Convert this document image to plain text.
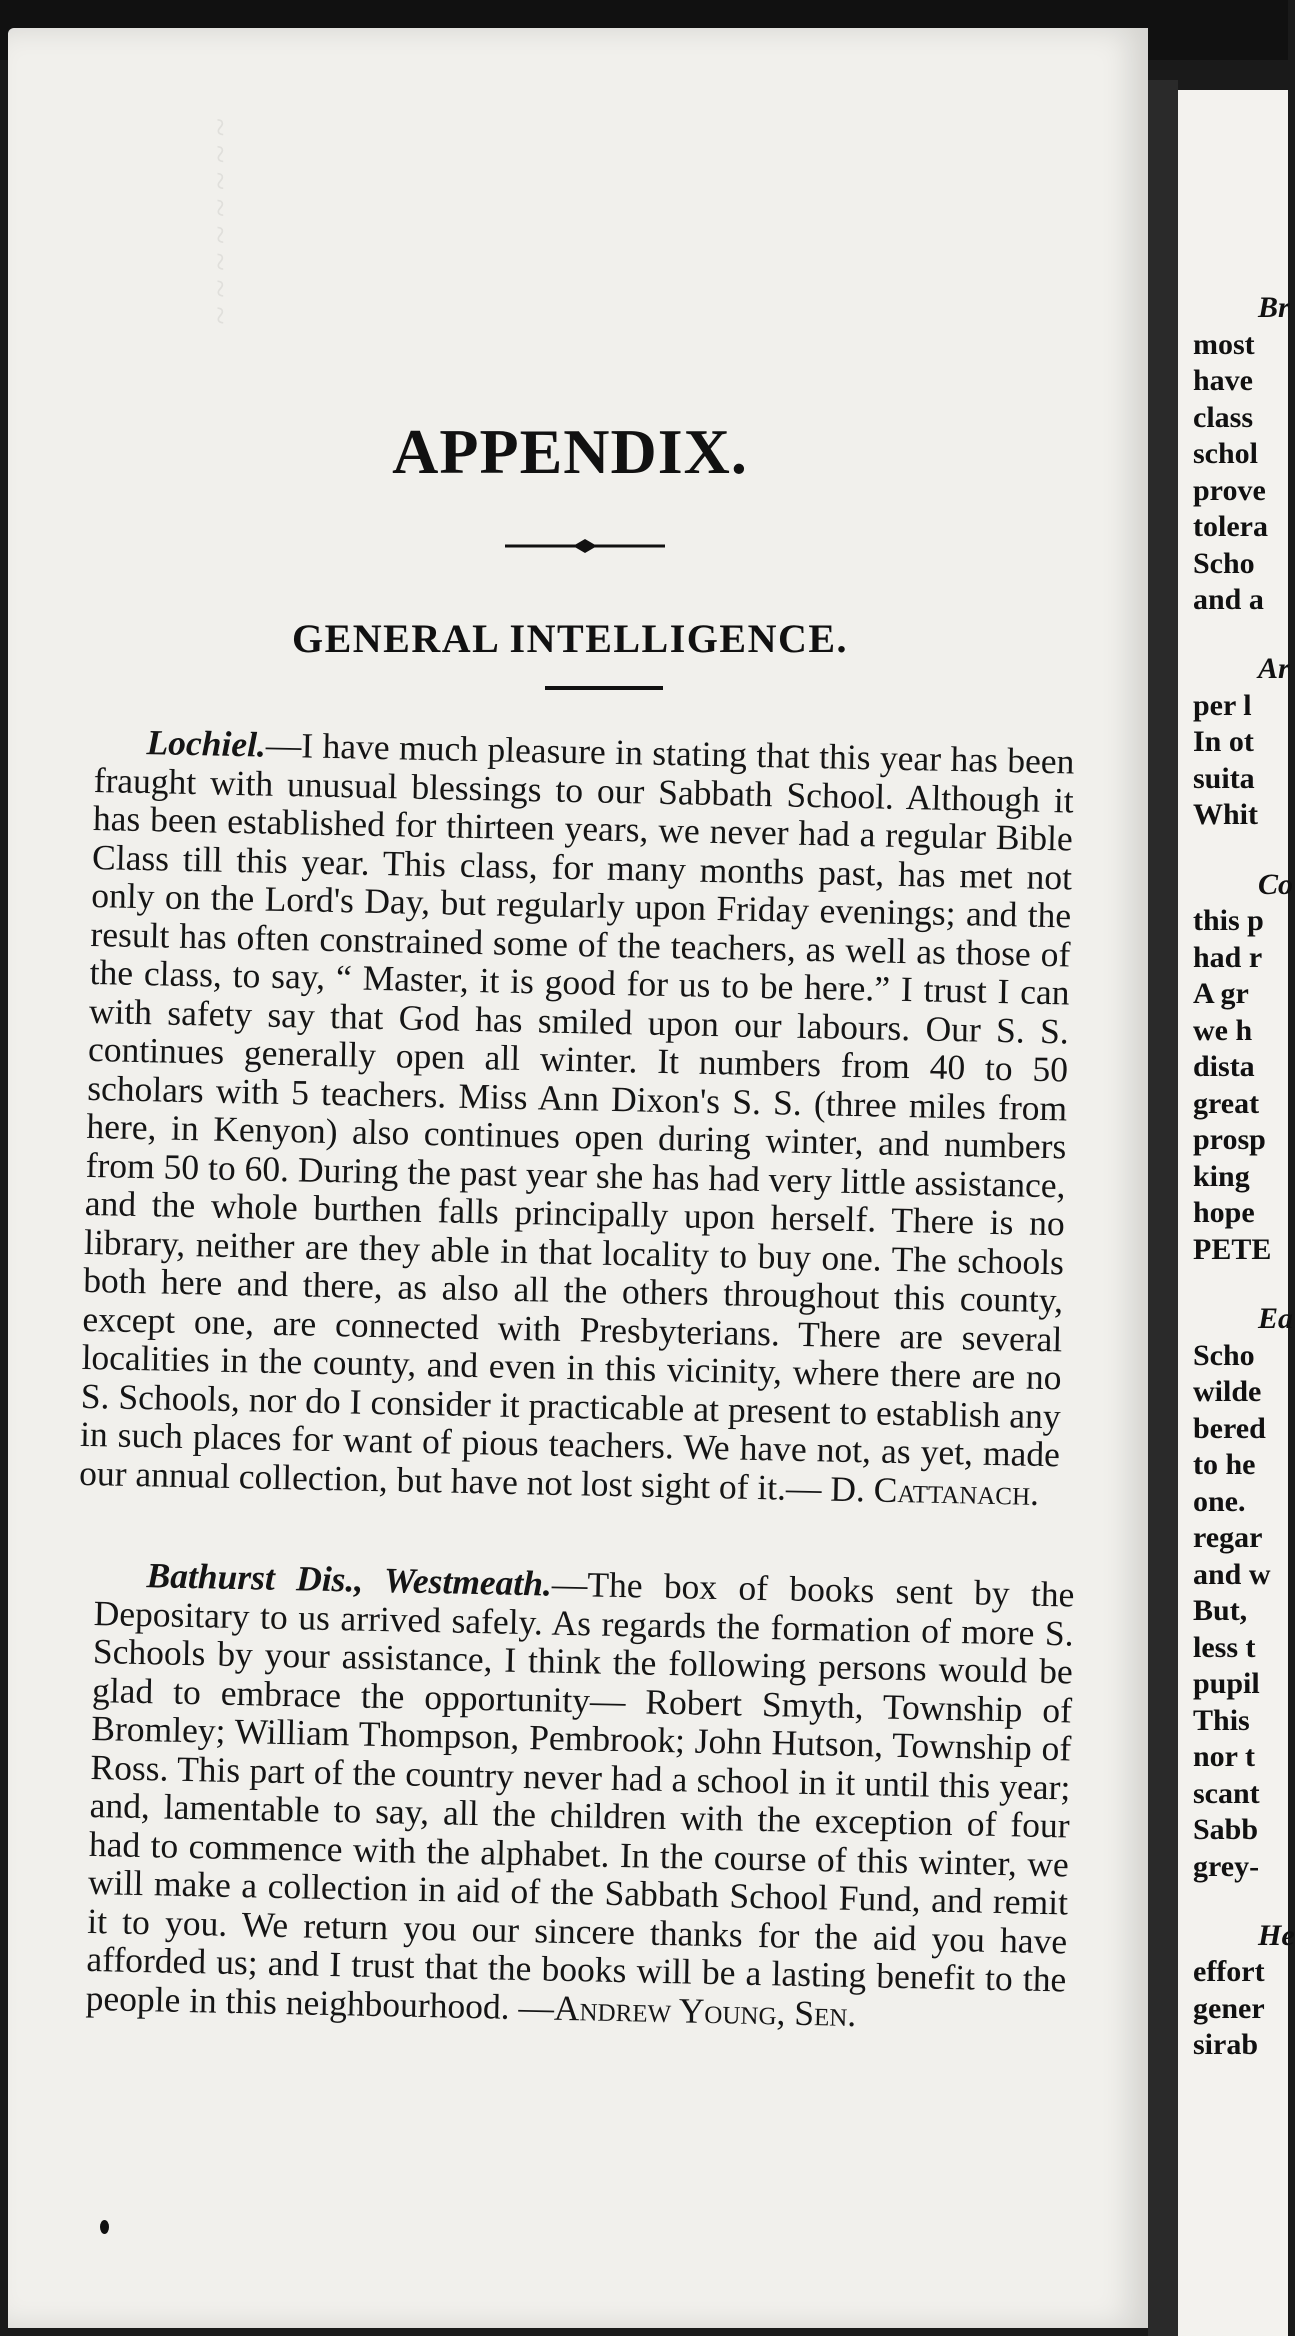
~ ~ ~ ~ ~ ~ ~ ~
APPENDIX.
GENERAL INTELLIGENCE.
Lochiel.—I have much pleasure in stating that this year has been fraught with unusual blessings to our Sabbath School. Although it has been established for thirteen years, we never had a regular Bible Class till this year. This class, for many months past, has met not only on the Lord's Day, but regularly upon Friday evenings; and the result has often constrained some of the teachers, as well as those of the class, to say, “ Master, it is good for us to be here.” I trust I can with safety say that God has smiled upon our labours. Our S. S. continues generally open all winter. It numbers from 40 to 50 scholars with 5 teachers. Miss Ann Dixon's S. S. (three miles from here, in Kenyon) also continues open during winter, and numbers from 50 to 60. During the past year she has had very little assistance, and the whole burthen falls principally upon herself. There is no library, neither are they able in that locality to buy one. The schools both here and there, as also all the others throughout this county, except one, are connected with Presbyterians. There are several localities in the county, and even in this vicinity, where there are no S. Schools, nor do I consider it practicable at present to establish any in such places for want of pious teachers. We have not, as yet, made our annual collection, but have not lost sight of it.— D. Cattanach.
Bathurst Dis., Westmeath.—The box of books sent by the Depositary to us arrived safely. As regards the formation of more S. Schools by your assistance, I think the following persons would be glad to embrace the opportunity— Robert Smyth, Township of Bromley; William Thompson, Pembrook; John Hutson, Township of Ross. This part of the country never had a school in it until this year; and, lamentable to say, all the children with the exception of four had to commence with the alphabet. In the course of this winter, we will make a collection in aid of the Sabbath School Fund, and remit it to you. We return you our sincere thanks for the aid you have afforded us; and I trust that the books will be a lasting benefit to the people in this neighbourhood. —Andrew Young, Sen.
Br
most
have
class
schol
prove
tolera
Scho
and a
Ar
per l
In ot
suita
Whit
Co
this p
had r
A gr
we h
dista
great
prosp
king
hope
PETE
Ea
Scho
wilde
bered
to he
one.
regar
and w
But,
less t
pupil
This
nor t
scant
Sabb
grey-
He
effort
gener
sirab
